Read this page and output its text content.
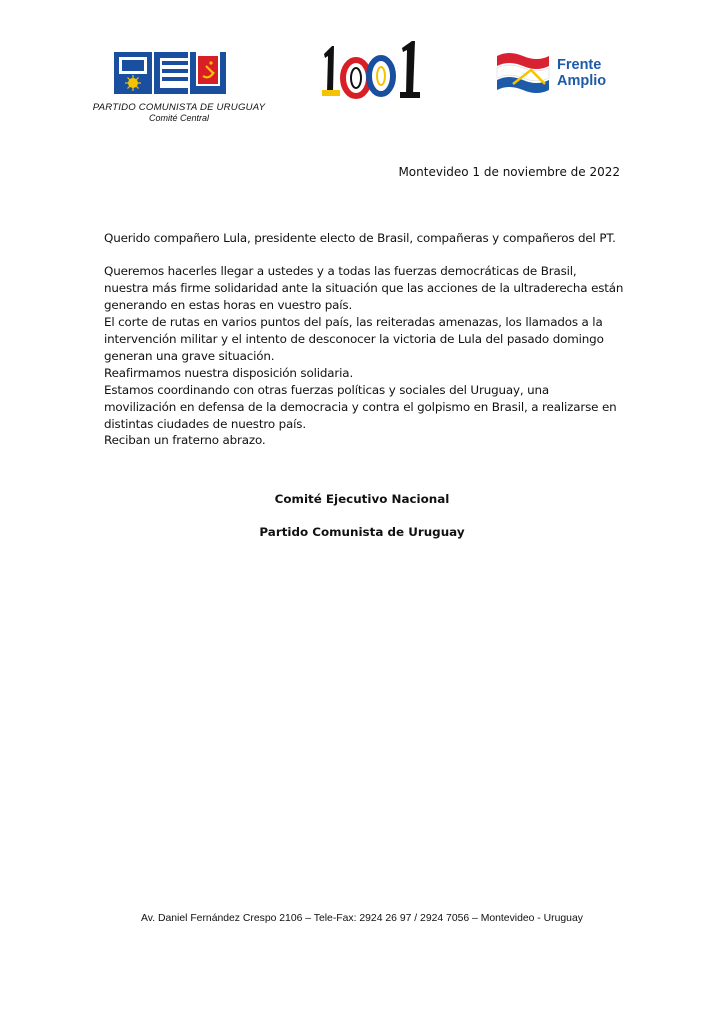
PARTIDO COMUNISTA DE URUGUAY
Comité Central
Frente
Amplio
Montevideo 1 de noviembre de 2022

Querido compañero Lula, presidente electo de Brasil, compañeras y compañeros del PT.

Queremos hacerles llegar a ustedes y a todas las fuerzas democráticas de Brasil, nuestra más firme solidaridad ante la situación que las acciones de la ultraderecha están generando en estas horas en vuestro país.

El corte de rutas en varios puntos del país, las reiteradas amenazas, los llamados a la intervención militar y el intento de desconocer la victoria de Lula del pasado domingo generan una grave situación.

Reafirmamos nuestra disposición solidaria.

Estamos coordinando con otras fuerzas políticas y sociales del Uruguay, una movilización en defensa de la democracia y contra el golpismo en Brasil, a realizarse en distintas ciudades de nuestro país.

Reciban un fraterno abrazo.

Comité Ejecutivo Nacional
Partido Comunista de Uruguay
Av. Daniel Fernández Crespo 2106 – Tele-Fax: 2924 26 97 / 2924 7056 – Montevideo - Uruguay
